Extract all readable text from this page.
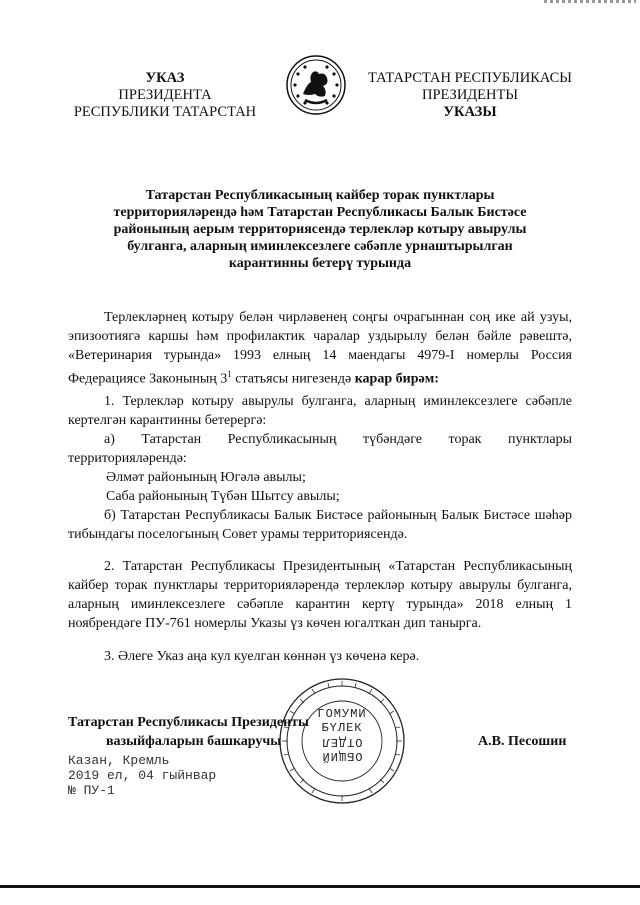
УКАЗ
ПРЕЗИДЕНТА
РЕСПУБЛИКИ ТАТАРСТАН
ТАТАРСТАН РЕСПУБЛИКАСЫ
ПРЕЗИДЕНТЫ
УКАЗЫ
Татарстан Республикасының кайбер торак пунктлары территорияләрендә һәм Татарстан Республикасы Балык Бистәсе районының аерым территориясендә терлекләр котыру авырулы булганга, аларның иминлексезлеге сәбәпле урнаштырылган карантинны бетерү турында
Терлекләрнең котыру белән чирләвенең соңгы очрагыннан соң ике ай узуы, эпизоотиягә каршы һәм профилактик чаралар уздырылу белән бәйле рәвештә, «Ветеринария турында» 1993 елның 14 маендагы 4979-I номерлы Россия Федерациясе Законының $3^1$ статьясы нигезендә карар бирәм:
1. Терлекләр котыру авырулы булганга, аларның иминлексезлеге сәбәпле кертелгән карантинны бетерергә:
а) Татарстан Республикасының түбәндәге торак пунктлары территорияләрендә:
Әлмәт районының Югәлә авылы;
Саба районының Түбән Шытсу авылы;
б) Татарстан Республикасы Балык Бистәсе районының Балык Бистәсе шәһәр тибындагы поселогының Совет урамы территориясендә.
2. Татарстан Республикасы Президентының «Татарстан Республикасының кайбер торак пунктлары территорияләрендә терлекләр котыру авырулы булганга, аларның иминлексезлеге сәбәпле карантин кертү турында» 2018 елның 1 ноябрендәге ПУ-761 номерлы Указы үз көчен югалткан дип танырга.
3. Әлеге Указ аңа кул куелган көннән үз көченә керә.
ГОМУМИ
БҮЛЕК
ОТДЕЛ
ОБЩИЙ
Татарстан Республикасы Президенты
вазыйфаларын башкаручы	А.В. Песошин
Казан, Кремль
2019 ел, 04 гыйнвар
№ ПУ-1
